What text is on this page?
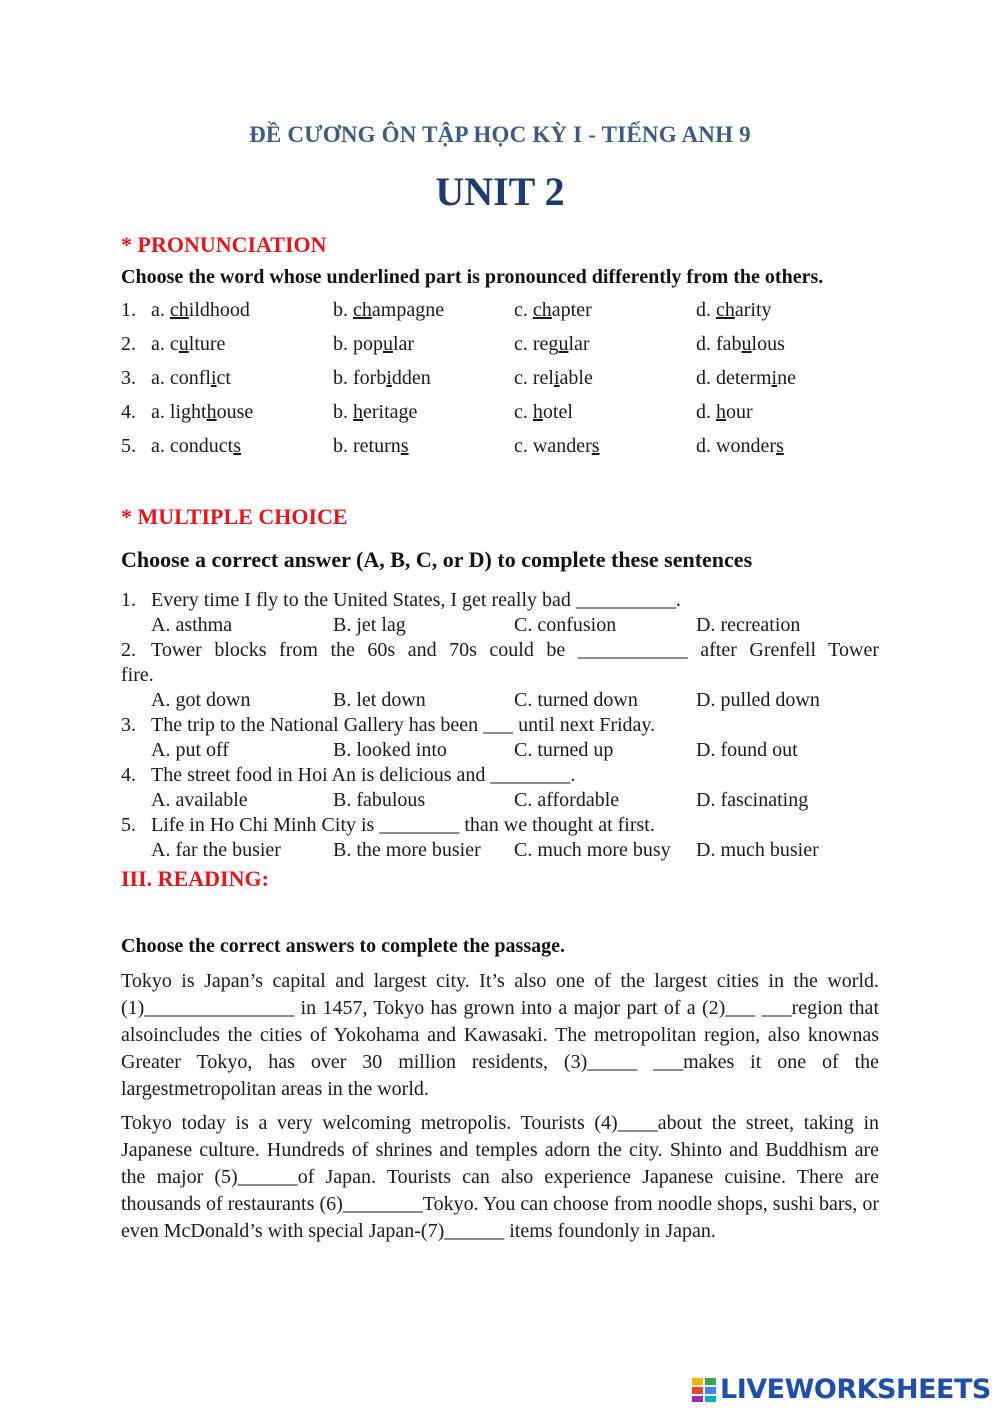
ĐỀ CƯƠNG ÔN TẬP HỌC KỲ I - TIẾNG ANH 9
UNIT 2
* PRONUNCIATION
Choose the word whose underlined part is pronounced differently from the others.
1. a. childhood	b. champagne	c. chapter	d. charity
2. a. culture	b. popular	c. regular	d. fabulous
3. a. conflict	b. forbidden	c. reliable	d. determine
4. a. lighthouse	b. heritage	c. hotel	d. hour
5. a. conducts	b. returns	c. wanders	d. wonders
* MULTIPLE CHOICE
Choose a correct answer (A, B, C, or D) to complete these sentences
1. Every time I fly to the United States, I get really bad __________.
A. asthma	B. jet lag	C. confusion	D. recreation
2. Tower blocks from the 60s and 70s could be ___________ after Grenfell Tower
fire.
A. got down	B. let down	C. turned down	D. pulled down
3. The trip to the National Gallery has been ___ until next Friday.
A. put off	B. looked into	C. turned up	D. found out
4. The street food in Hoi An is delicious and ________.
A. available	B. fabulous	C. affordable	D. fascinating
5. Life in Ho Chi Minh City is ________ than we thought at first.
A. far the busier	B. the more busier C. much more busy D. much busier
III. READING:
Choose the correct answers to complete the passage.
Tokyo is Japan’s capital and largest city. It’s also one of the largest cities in the world.(1)_______________ in 1457, Tokyo has grown into a major part of a (2)___ ___region that alsoincludes the cities of Yokohama and Kawasaki. The metropolitan region, also knownas Greater Tokyo, has over 30 million residents, (3)_____ ___makes it one of the largestmetropolitan areas in the world.
Tokyo today is a very welcoming metropolis. Tourists (4)____about the street, taking in Japanese culture. Hundreds of shrines and temples adorn the city. Shinto and Buddhism are the major (5)______of Japan. Tourists can also experience Japanese cuisine. There are thousands of restaurants (6)________Tokyo. You can choose from noodle shops, sushi bars, or even McDonald’s with special Japan-(7)______ items foundonly in Japan.
LIVEWORKSHEETS
